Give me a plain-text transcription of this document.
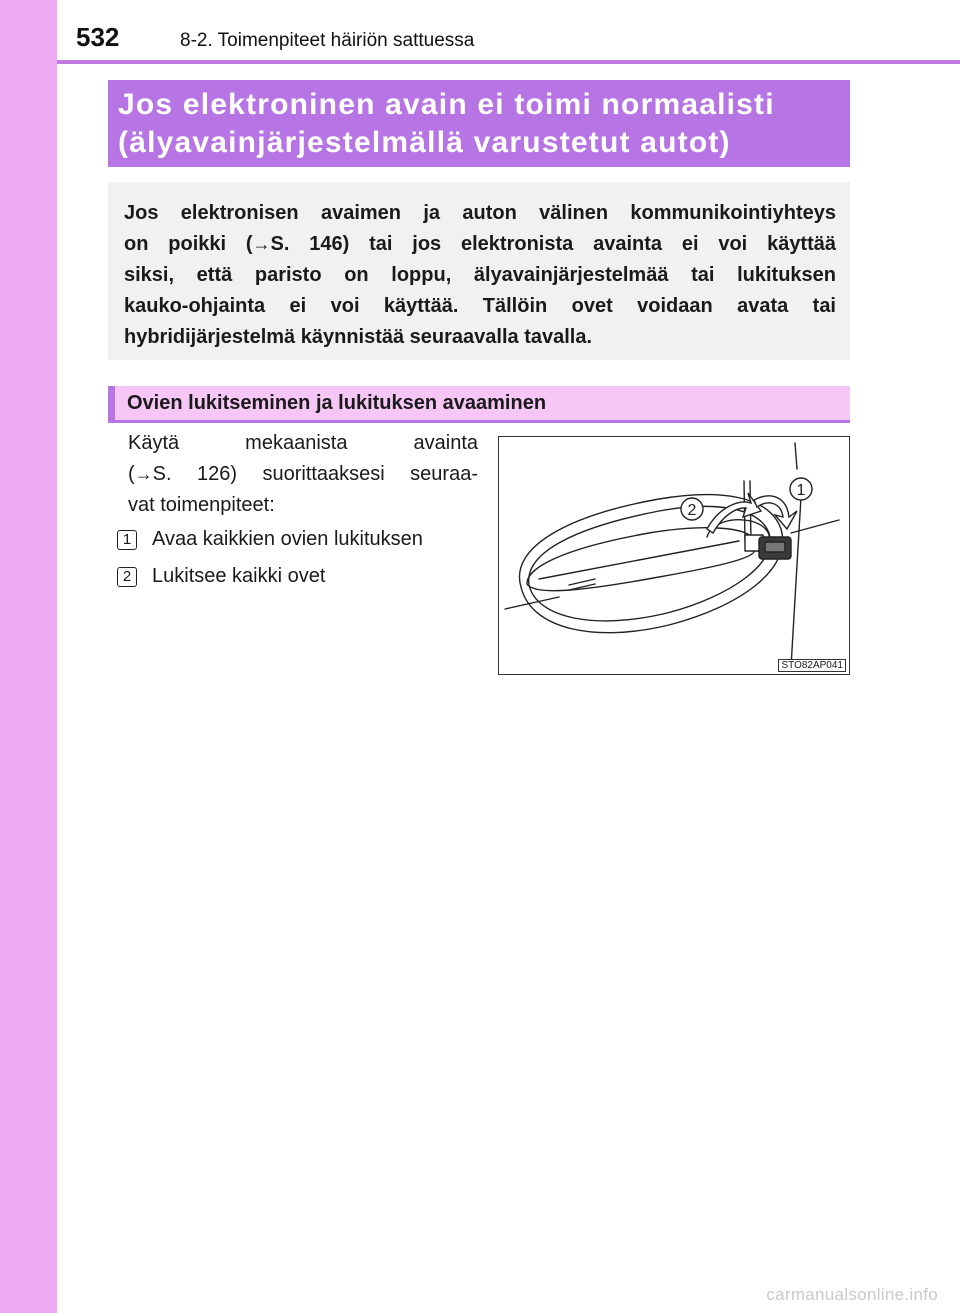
532	8-2. Toimenpiteet häiriön sattuessa
Jos elektroninen avain ei toimi normaalisti
(älyavainjärjestelmällä varustetut autot)
Jos elektronisen avaimen ja auton välinen kommunikointiyhteys
on poikki (→S. 146) tai jos elektronista avainta ei voi käyttää
siksi, että paristo on loppu, älyavainjärjestelmää tai lukituksen
kauko-ohjainta ei voi käyttää. Tällöin ovet voidaan avata tai
hybridijärjestelmä käynnistää seuraavalla tavalla.
Ovien lukitseminen ja lukituksen avaaminen
Käytä mekaanista avainta
(→S. 126) suorittaaksesi seuraa-
vat toimenpiteet:
1 Avaa kaikkien ovien lukituksen
2 Lukitsee kaikki ovet
1
2
STO82AP041
carmanualsonline.info
